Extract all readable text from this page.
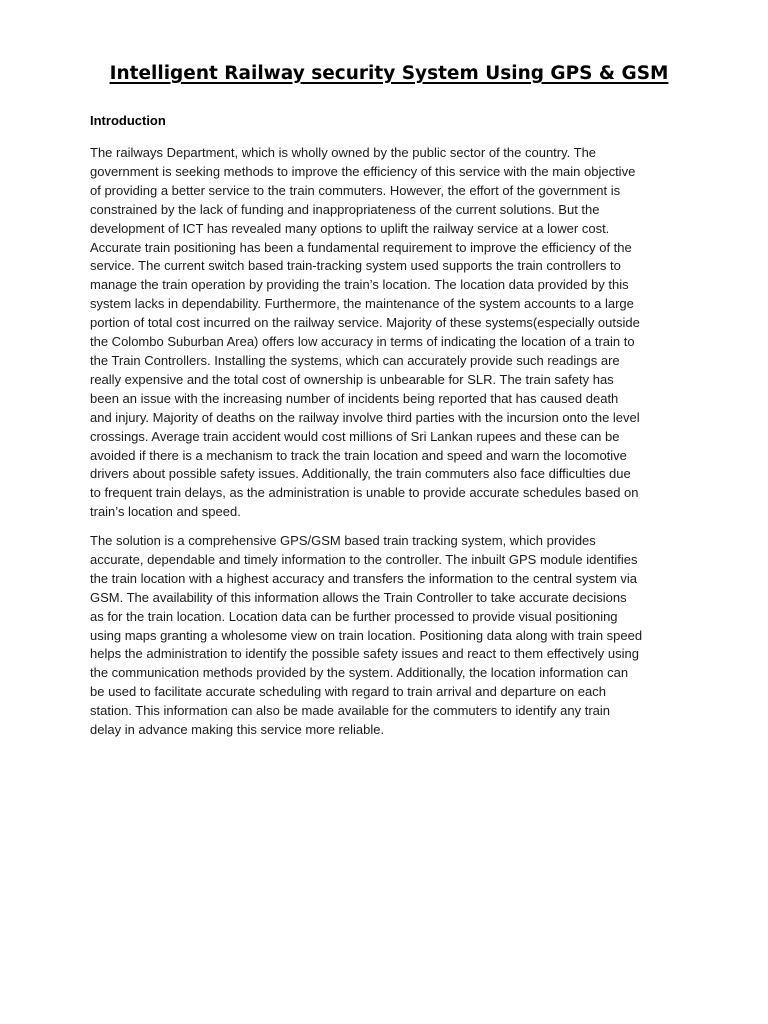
Intelligent Railway security System Using GPS & GSM
Introduction

The railways Department, which is wholly owned by the public sector of the country. The
government is seeking methods to improve the efficiency of this service with the main objective
of providing a better service to the train commuters. However, the effort of the government is
constrained by the lack of funding and inappropriateness of the current solutions. But the
development of ICT has revealed many options to uplift the railway service at a lower cost.
Accurate train positioning has been a fundamental requirement to improve the efficiency of the
service. The current switch based train-tracking system used supports the train controllers to
manage the train operation by providing the train’s location. The location data provided by this
system lacks in dependability. Furthermore, the maintenance of the system accounts to a large
portion of total cost incurred on the railway service. Majority of these systems(especially outside
the Colombo Suburban Area) offers low accuracy in terms of indicating the location of a train to
the Train Controllers. Installing the systems, which can accurately provide such readings are
really expensive and the total cost of ownership is unbearable for SLR. The train safety has
been an issue with the increasing number of incidents being reported that has caused death
and injury. Majority of deaths on the railway involve third parties with the incursion onto the level
crossings. Average train accident would cost millions of Sri Lankan rupees and these can be
avoided if there is a mechanism to track the train location and speed and warn the locomotive
drivers about possible safety issues. Additionally, the train commuters also face difficulties due
to frequent train delays, as the administration is unable to provide accurate schedules based on
train’s location and speed.

The solution is a comprehensive GPS/GSM based train tracking system, which provides
accurate, dependable and timely information to the controller. The inbuilt GPS module identifies
the train location with a highest accuracy and transfers the information to the central system via
GSM. The availability of this information allows the Train Controller to take accurate decisions
as for the train location. Location data can be further processed to provide visual positioning
using maps granting a wholesome view on train location. Positioning data along with train speed
helps the administration to identify the possible safety issues and react to them effectively using
the communication methods provided by the system. Additionally, the location information can
be used to facilitate accurate scheduling with regard to train arrival and departure on each
station. This information can also be made available for the commuters to identify any train
delay in advance making this service more reliable.
